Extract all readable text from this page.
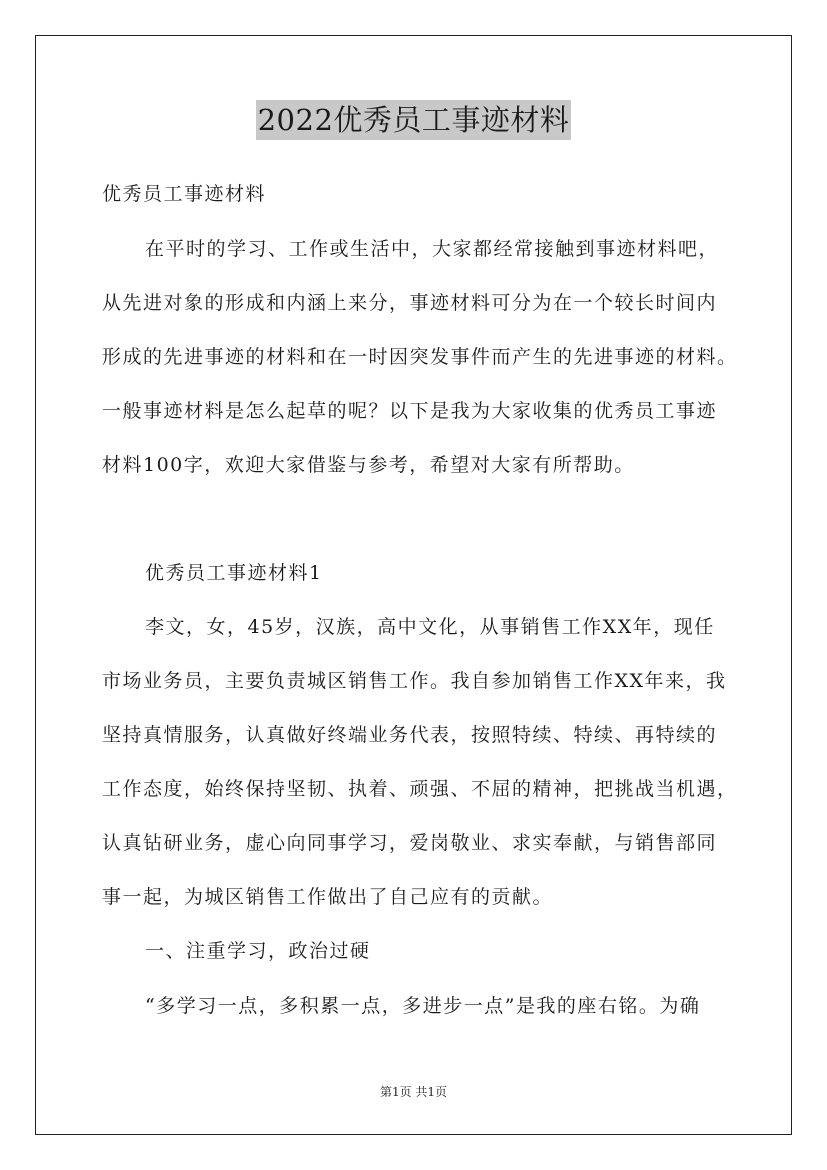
2022优秀员工事迹材料
优秀员工事迹材料
在平时的学习、工作或生活中，大家都经常接触到事迹材料吧，
从先进对象的形成和内涵上来分，事迹材料可分为在一个较长时间内
形成的先进事迹的材料和在一时因突发事件而产生的先进事迹的材料。
一般事迹材料是怎么起草的呢？以下是我为大家收集的优秀员工事迹
材料100字，欢迎大家借鉴与参考，希望对大家有所帮助。
优秀员工事迹材料1
李文，女，45岁，汉族，高中文化，从事销售工作XX年，现任
市场业务员，主要负责城区销售工作。我自参加销售工作XX年来，我
坚持真情服务，认真做好终端业务代表，按照特续、特续、再特续的
工作态度，始终保持坚韧、执着、顽强、不屈的精神，把挑战当机遇，
认真钻研业务，虚心向同事学习，爱岗敬业、求实奉献，与销售部同
事一起，为城区销售工作做出了自己应有的贡献。
一、注重学习，政治过硬
“多学习一点，多积累一点，多进步一点”是我的座右铭。为确
第1页 共1页
